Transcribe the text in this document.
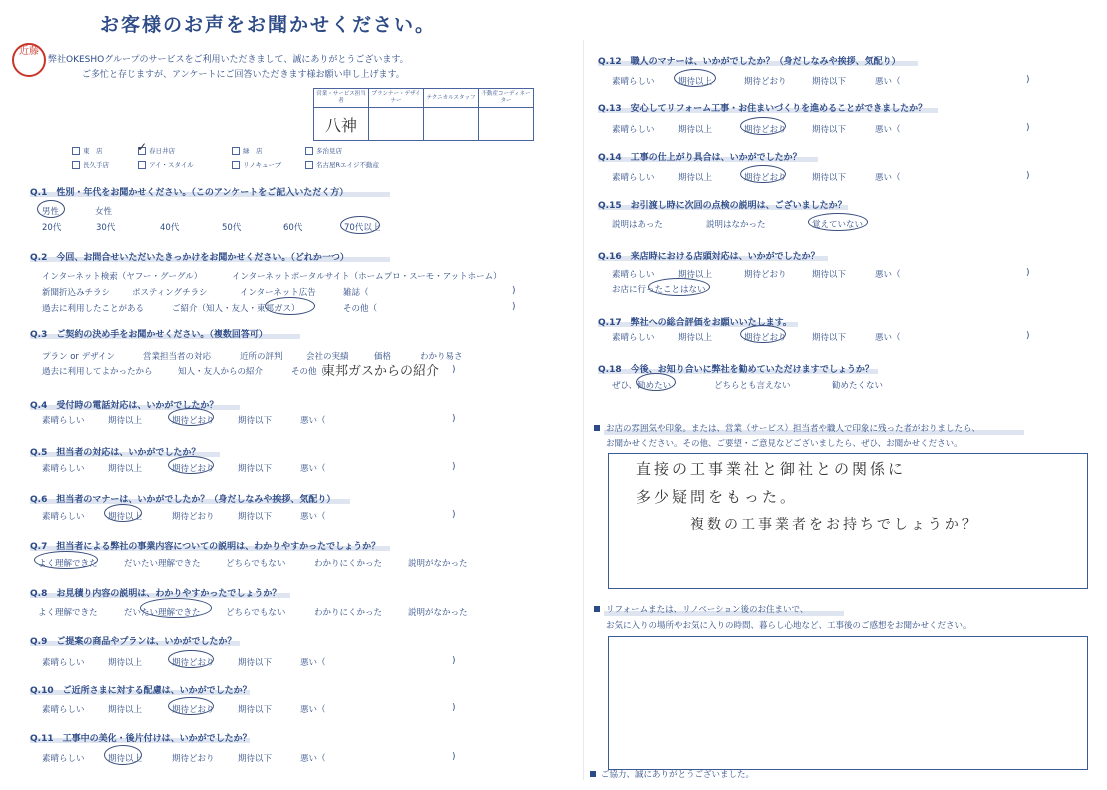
お客様のお声をお聞かせください。
近藤
弊社OKESHOグループのサービスをご利用いただきまして、誠にありがとうございます。
ご多忙と存じますが、アンケートにご回答いただきます様お願い申し上げます。
営業・サービス担当者	プランナー・デザイナー	テクニカルスタッフ	不動産コーディネーター
八神			
東　店	春日井店	緑　店	多治見店
長久手店	アイ・スタイル	リノキューブ	名古屋Rエイジ不動産
✓
Q.1　性別・年代をお聞かせください。（このアンケートをご記入いただく方）
男性	女性
20代	30代	40代	50代	60代	70代以上
Q.2　今回、お問合せいただいたきっかけをお聞かせください。（どれか一つ）
インターネット検索（ヤフー・グーグル）	インターネットポータルサイト（ホームプロ・スーモ・アットホーム）
新聞折込みチラシ	ポスティングチラシ	インターネット広告	雑誌（	)
過去に利用したことがある	ご紹介（知人・友人・東邦ガス）	その他（	)
Q.3　ご契約の決め手をお聞かせください。（複数回答可）
プラン or デザイン	営業担当者の対応	近所の評判	会社の実績	価格	わかり易さ
過去に利用してよかったから	知人・友人からの紹介	その他（
東邦ガスからの紹介 )
Q.4　受付時の電話対応は、いかがでしたか？
素晴らしい	期待以上	期待どおり	期待以下	悪い（	)
Q.5　担当者の対応は、いかがでしたか？
素晴らしい	期待以上	期待どおり	期待以下	悪い（	)
Q.6　担当者のマナーは、いかがでしたか？（身だしなみや挨拶、気配り）
素晴らしい	期待以上	期待どおり	期待以下	悪い（	)
Q.7　担当者による弊社の事業内容についての説明は、わかりやすかったでしょうか？
よく理解できた	だいたい理解できた	どちらでもない	わかりにくかった	説明がなかった
Q.8　お見積り内容の説明は、わかりやすかったでしょうか？
よく理解できた	だいたい理解できた	どちらでもない	わかりにくかった	説明がなかった
Q.9　ご提案の商品やプランは、いかがでしたか？
素晴らしい	期待以上	期待どおり	期待以下	悪い（	)
Q.10　ご近所さまに対する配慮は、いかがでしたか？
素晴らしい	期待以上	期待どおり	期待以下	悪い（	)
Q.11　工事中の美化・後片付けは、いかがでしたか？
素晴らしい	期待以上	期待どおり	期待以下	悪い（	)
Q.12　職人のマナーは、いかがでしたか？（身だしなみや挨拶、気配り）
素晴らしい	期待以上	期待どおり	期待以下	悪い（	)
Q.13　安心してリフォーム工事・お住まいづくりを進めることができましたか？
素晴らしい	期待以上	期待どおり	期待以下	悪い（	)
Q.14　工事の仕上がり具合は、いかがでしたか？
素晴らしい	期待以上	期待どおり	期待以下	悪い（	)
Q.15　お引渡し時に次回の点検の説明は、ございましたか？
説明はあった	説明はなかった	覚えていない
Q.16　来店時における店頭対応は、いかがでしたか？
素晴らしい	期待以上	期待どおり	期待以下	悪い（	)
お店に行ったことはない
Q.17　弊社への総合評価をお願いいたします。
素晴らしい	期待以上	期待どおり	期待以下	悪い（	)
Q.18　今後、お知り合いに弊社を勧めていただけますでしょうか？
ぜひ、勧めたい	どちらとも言えない	勧めたくない
お店の雰囲気や印象。または、営業（サービス）担当者や職人で印象に残った者がおりましたら、
お聞かせください。その他、ご要望・ご意見などございましたら、ぜひ、お聞かせください。
直接の工事業社と御社との関係に
多少疑問をもった。
複数の工事業者をお持ちでしょうか？
リフォームまたは、リノベーション後のお住まいで、
お気に入りの場所やお気に入りの時間、暮らし心地など、工事後のご感想をお聞かせください。
ご協力、誠にありがとうございました。
